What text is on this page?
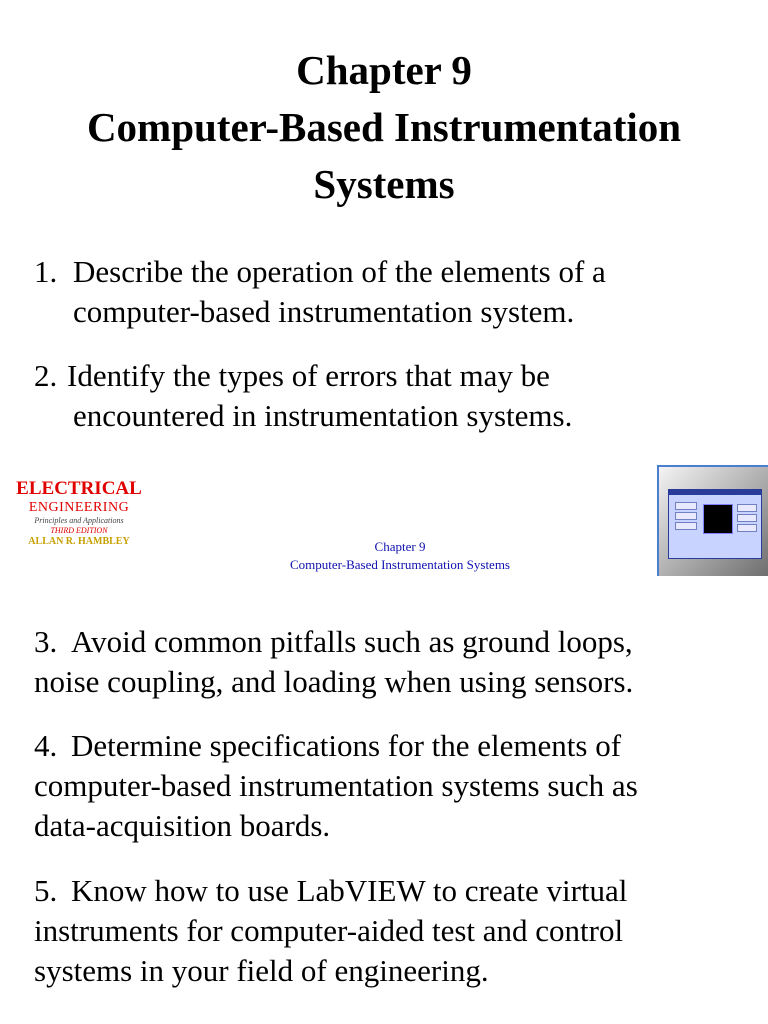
Chapter 9
Computer-Based Instrumentation
Systems
1. Describe the operation of the elements of a
computer-based instrumentation system.
2. Identify the types of errors that may be
encountered in instrumentation systems.
ELECTRICAL
ENGINEERING
Principles and Applications
THIRD EDITION
ALLAN R. HAMBLEY	Chapter 9
Computer-Based Instrumentation Systems
3. Avoid common pitfalls such as ground loops,
noise coupling, and loading when using sensors.
4. Determine specifications for the elements of
computer-based instrumentation systems such as
data-acquisition boards.
5. Know how to use LabVIEW to create virtual
instruments for computer-aided test and control
systems in your field of engineering.
